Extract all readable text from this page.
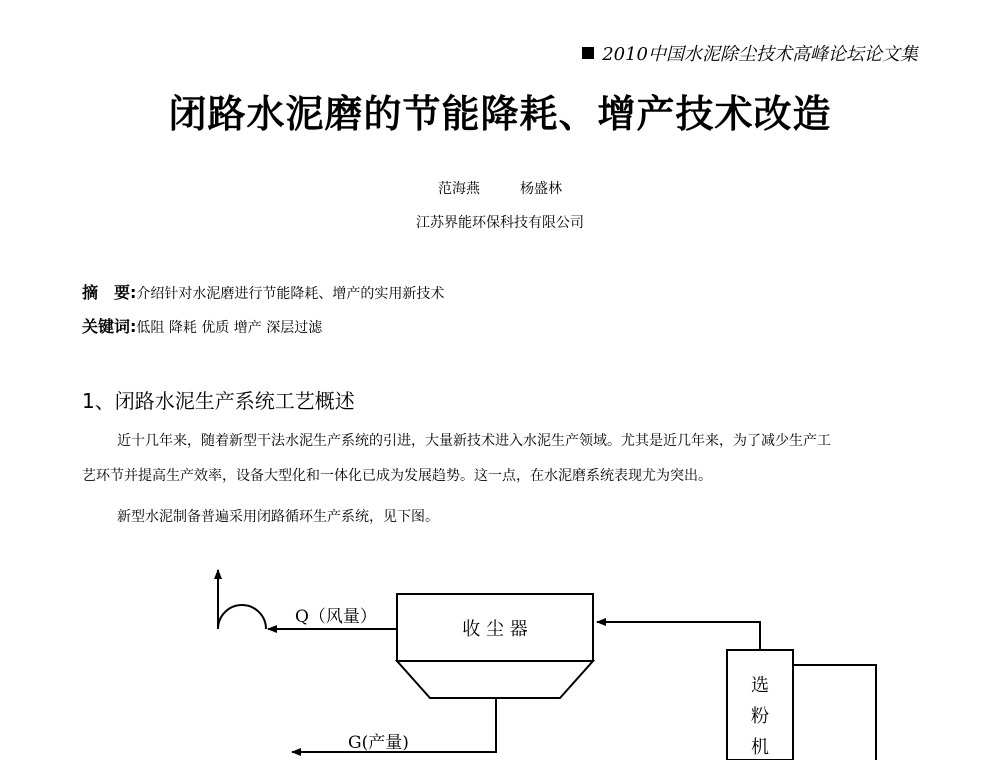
2010中国水泥除尘技术高峰论坛论文集
闭路水泥磨的节能降耗、增产技术改造
范海燕	杨盛林
江苏界能环保科技有限公司
摘　要:介绍针对水泥磨进行节能降耗、增产的实用新技术
关键词:低阻 降耗 优质 增产 深层过滤
1、闭路水泥生产系统工艺概述
近十几年来，随着新型干法水泥生产系统的引进，大量新技术进入水泥生产领域。尤其是近几年来，为了减少生产工
艺环节并提高生产效率，设备大型化和一体化已成为发展趋势。这一点，在水泥磨系统表现尤为突出。
新型水泥制备普遍采用闭路循环生产系统，见下图。
Q（风量）
收 尘 器
G(产量)
选
粉
机
